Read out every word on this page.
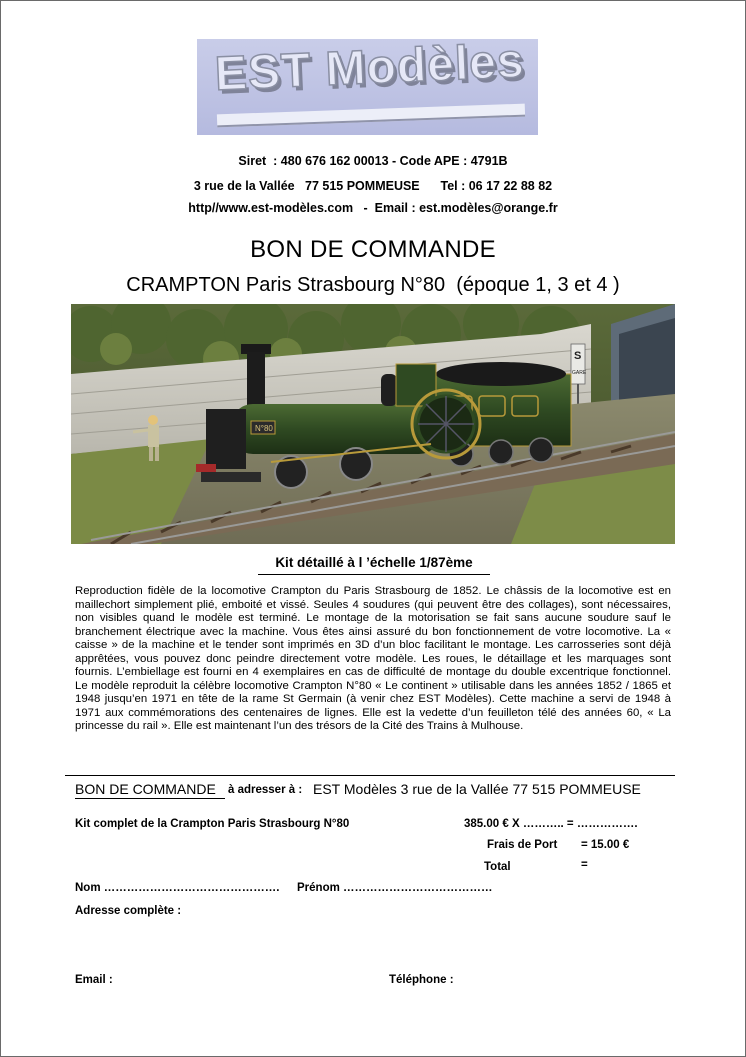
EST Modèles
Siret  : 480 676 162 00013 - Code APE : 4791B
3 rue de la Vallée   77 515 POMMEUSE      Tel : 06 17 22 88 82
http//www.est-modèles.com   -  Email : est.modèles@orange.fr
BON DE COMMANDE
CRAMPTON Paris Strasbourg N°80  (époque 1, 3 et 4 )
S
GARE
N°80
Kit détaillé à l ’échelle 1/87ème
Reproduction fidèle de la locomotive Crampton du Paris Strasbourg de 1852. Le châssis de la locomotive est en maillechort simplement plié, emboité et vissé. Seules 4 soudures (qui peuvent être des collages), sont nécessaires, non visibles quand le modèle est terminé. Le montage de la motorisation se fait sans aucune soudure sauf le branchement électrique avec la machine. Vous êtes ainsi assuré du bon fonctionnement de votre locomotive. La « caisse » de la machine et le tender sont imprimés en 3D d’un bloc facilitant le montage. Les carrosseries sont déjà apprêtées, vous pouvez donc peindre directement votre modèle. Les roues, le détaillage et les marquages sont fournis. L’embiellage est fourni en 4 exemplaires en cas de difficulté de montage du double excentrique fonctionnel. Le modèle reproduit la célèbre locomotive Crampton N°80 « Le continent » utilisable dans les années 1852 / 1865 et 1948 jusqu’en 1971 en tête de la rame St Germain (à venir chez EST Modèles). Cette machine a servi de 1948 à 1971 aux commémorations des centenaires de lignes. Elle est la vedette d’un feuilleton télé des années 60, « La princesse du rail ». Elle est maintenant l’un des trésors de la Cité des Trains à Mulhouse.
BON DE COMMANDE à adresser à : EST Modèles 3 rue de la Vallée 77 515 POMMEUSE
Kit complet de la Crampton Paris Strasbourg N°80	385.00 € X ……….. = …………….
Frais de Port = 15.00 €
Total	=
Nom ………………………………………. Prénom …………………………………
Adresse complète :
Email :	Téléphone :
